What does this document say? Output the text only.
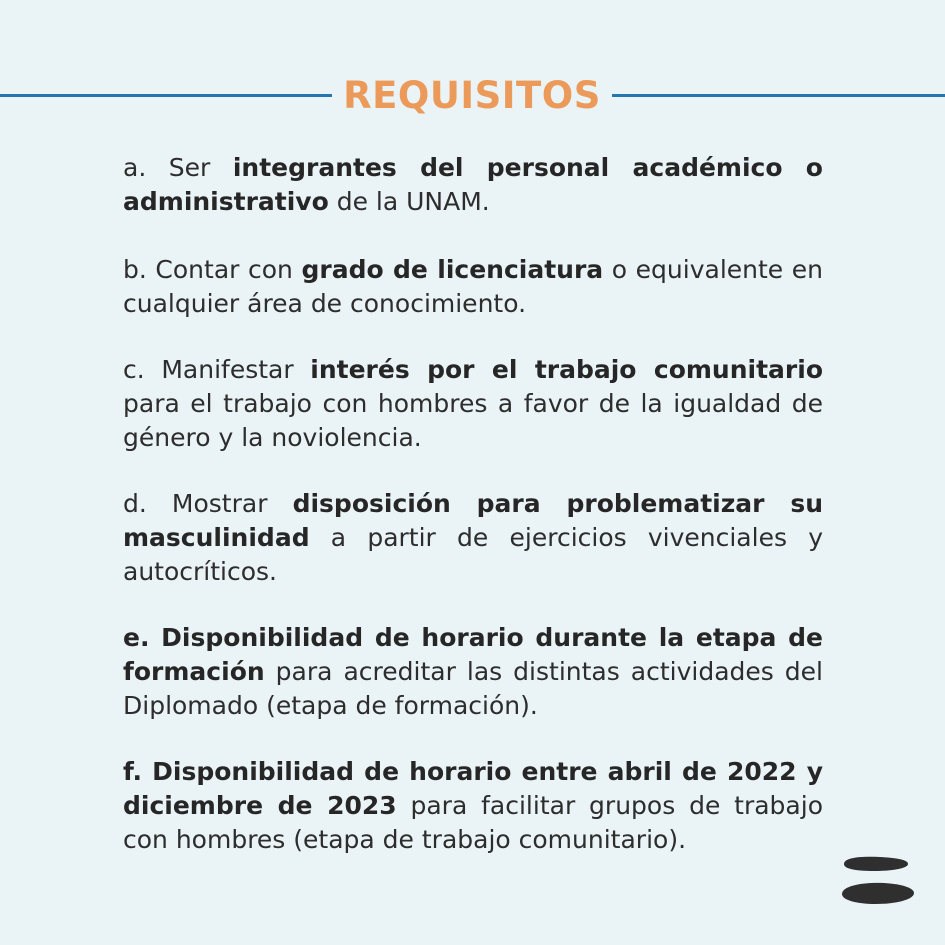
REQUISITOS

a. Ser integrantes del personal académico o administrativo de la UNAM.

b. Contar con grado de licenciatura o equivalente en cualquier área de conocimiento.

c. Manifestar interés por el trabajo comunitario para el trabajo con hombres a favor de la igualdad de género y la noviolencia.

d. Mostrar disposición para problematizar su masculinidad a partir de ejercicios vivenciales y autocríticos.

e. Disponibilidad de horario durante la etapa de formación para acreditar las distintas actividades del Diplomado (etapa de formación).

f. Disponibilidad de horario entre abril de 2022 y diciembre de 2023 para facilitar grupos de trabajo con hombres (etapa de trabajo comunitario).
